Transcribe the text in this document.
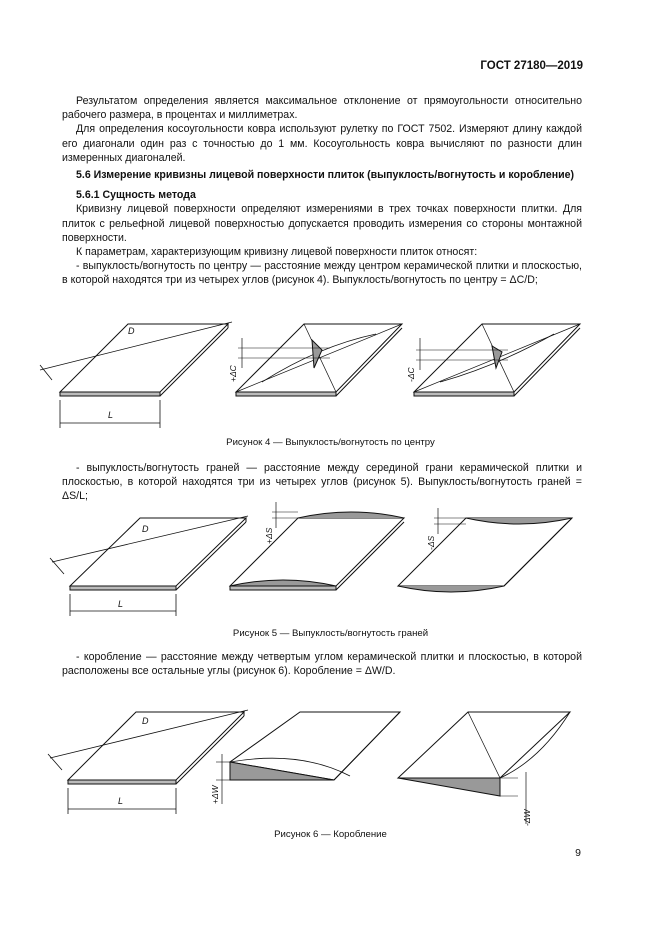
ГОСТ 27180—2019

Результатом определения является максимальное отклонение от прямоугольности относительно рабочего размера, в процентах и миллиметрах.

Для определения косоугольности ковра используют рулетку по ГОСТ 7502. Измеряют длину каждой его диагонали один раз с точностью до 1 мм. Косоугольность ковра вычисляют по разности длин измеренных диагоналей.

5.6 Измерение кривизны лицевой поверхности плиток (выпуклость/вогнутость и коробление)

5.6.1 Сущность метода

Кривизну лицевой поверхности определяют измерениями в трех точках поверхности плитки. Для плиток с рельефной лицевой поверхностью допускается проводить измерения со стороны монтажной поверхности.

К параметрам, характеризующим кривизну лицевой поверхности плиток относят:

- выпуклость/вогнутость по центру — расстояние между центром керамической плитки и плоскостью, в которой находятся три из четырех углов (рисунок 4). Выпуклость/вогнутость по центру = ΔC/D;

D
L
+ΔC	-ΔC
Рисунок 4 — Выпуклость/вогнутость по центру

- выпуклость/вогнутость граней — расстояние между серединой грани керамической плитки и плоскостью, в которой находятся три из четырех углов (рисунок 5). Выпуклость/вогнутость граней = ΔS/L;

D
L
+ΔS	-ΔS
Рисунок 5 — Выпуклость/вогнутость граней

- коробление — расстояние между четвертым углом керамической плитки и плоскостью, в которой расположены все остальные углы (рисунок 6). Коробление = ΔW/D.

D
L	+ΔW
-ΔW
Рисунок 6 — Коробление
9
